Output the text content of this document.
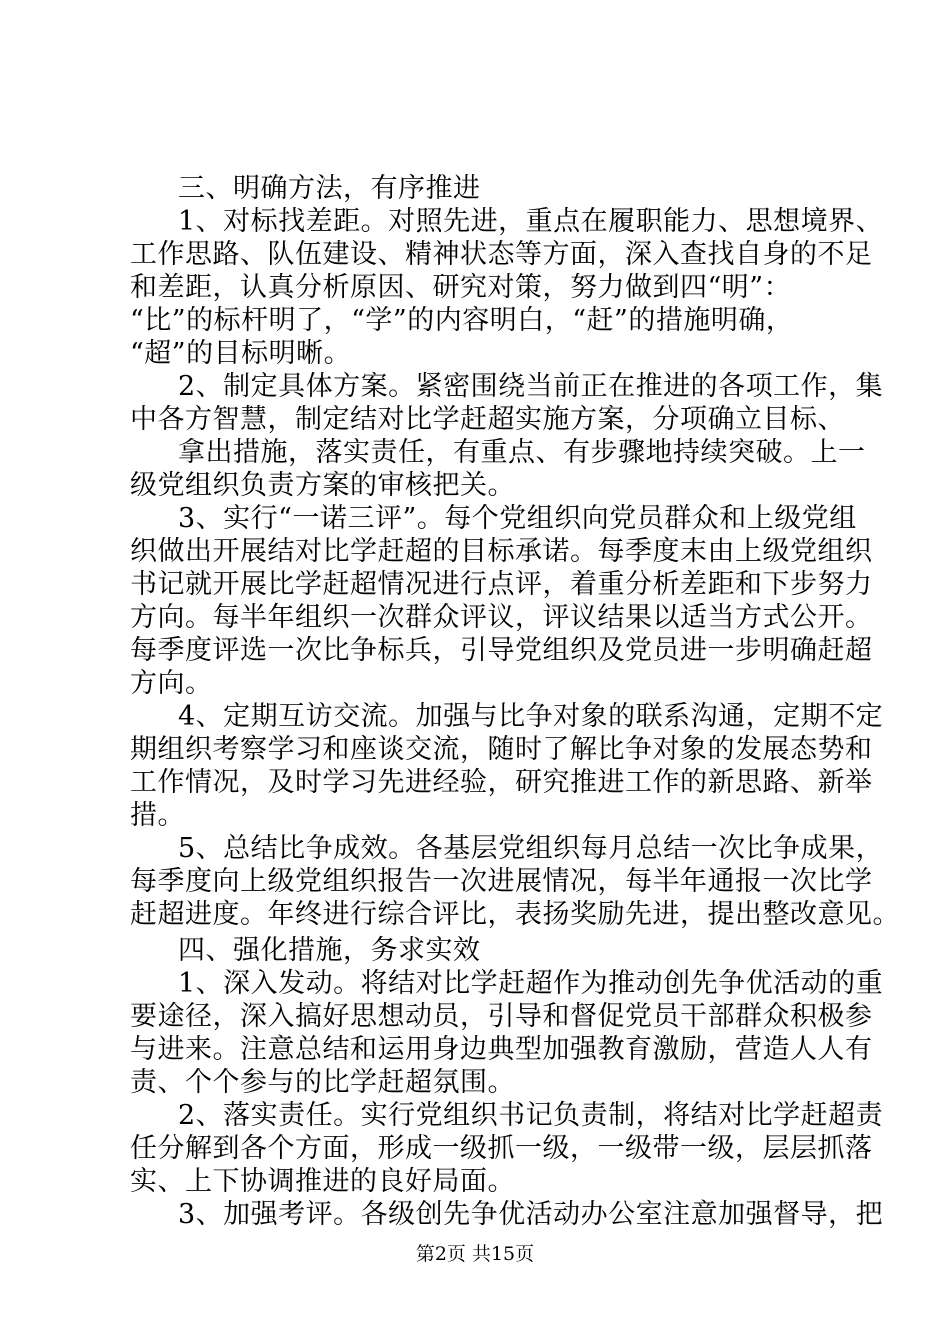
三、明确方法，有序推进
1、对标找差距。对照先进，重点在履职能力、思想境界、
工作思路、队伍建设、精神状态等方面，深入查找自身的不足
和差距，认真分析原因、研究对策，努力做到四“明”：
“比”的标杆明了，“学”的内容明白，“赶”的措施明确，
“超”的目标明晰。
2、制定具体方案。紧密围绕当前正在推进的各项工作，集
中各方智慧，制定结对比学赶超实施方案，分项确立目标、
拿出措施，落实责任，有重点、有步骤地持续突破。上一
级党组织负责方案的审核把关。
3、实行“一诺三评”。每个党组织向党员群众和上级党组
织做出开展结对比学赶超的目标承诺。每季度末由上级党组织
书记就开展比学赶超情况进行点评，着重分析差距和下步努力
方向。每半年组织一次群众评议，评议结果以适当方式公开。
每季度评选一次比争标兵，引导党组织及党员进一步明确赶超
方向。
4、定期互访交流。加强与比争对象的联系沟通，定期不定
期组织考察学习和座谈交流，随时了解比争对象的发展态势和
工作情况，及时学习先进经验，研究推进工作的新思路、新举
措。
5、总结比争成效。各基层党组织每月总结一次比争成果，
每季度向上级党组织报告一次进展情况，每半年通报一次比学
赶超进度。年终进行综合评比，表扬奖励先进，提出整改意见。
四、强化措施，务求实效
1、深入发动。将结对比学赶超作为推动创先争优活动的重
要途径，深入搞好思想动员，引导和督促党员干部群众积极参
与进来。注意总结和运用身边典型加强教育激励，营造人人有
责、个个参与的比学赶超氛围。
2、落实责任。实行党组织书记负责制，将结对比学赶超责
任分解到各个方面，形成一级抓一级，一级带一级，层层抓落
实、上下协调推进的良好局面。
3、加强考评。各级创先争优活动办公室注意加强督导，把
第2页 共15页
